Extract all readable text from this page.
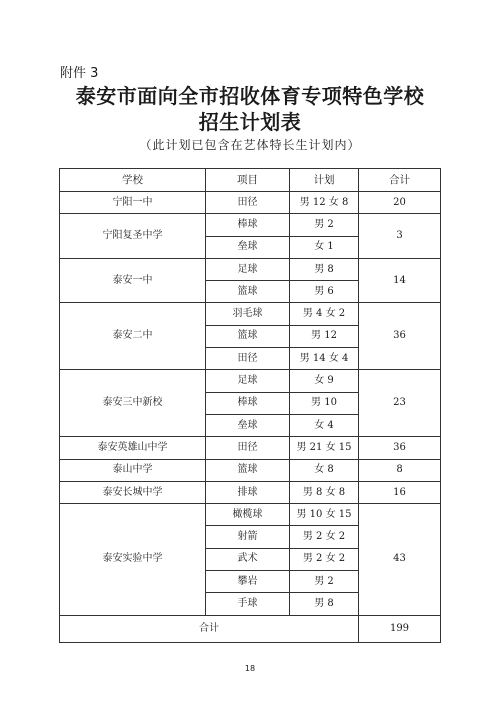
附件 3
泰安市面向全市招收体育专项特色学校
招生计划表
（此计划已包含在艺体特长生计划内）
学校	项目	计划	合计
宁阳一中	田径	男 12 女 8	20
宁阳复圣中学	棒球	男 2	3
	垒球	女 1	
泰安一中	足球	男 8	14
	篮球	男 6	
泰安二中	羽毛球	男 4 女 2	36
	篮球	男 12	
	田径	男 14 女 4	
泰安三中新校	足球	女 9	23
	棒球	男 10	
	垒球	女 4	
泰安英雄山中学	田径	男 21 女 15	36
泰山中学	篮球	女 8	8
泰安长城中学	排球	男 8 女 8	16
泰安实验中学	橄榄球	男 10 女 15	43
	射箭	男 2 女 2	
	武术	男 2 女 2	
	攀岩	男 2	
	手球	男 8	
合计			199
18
